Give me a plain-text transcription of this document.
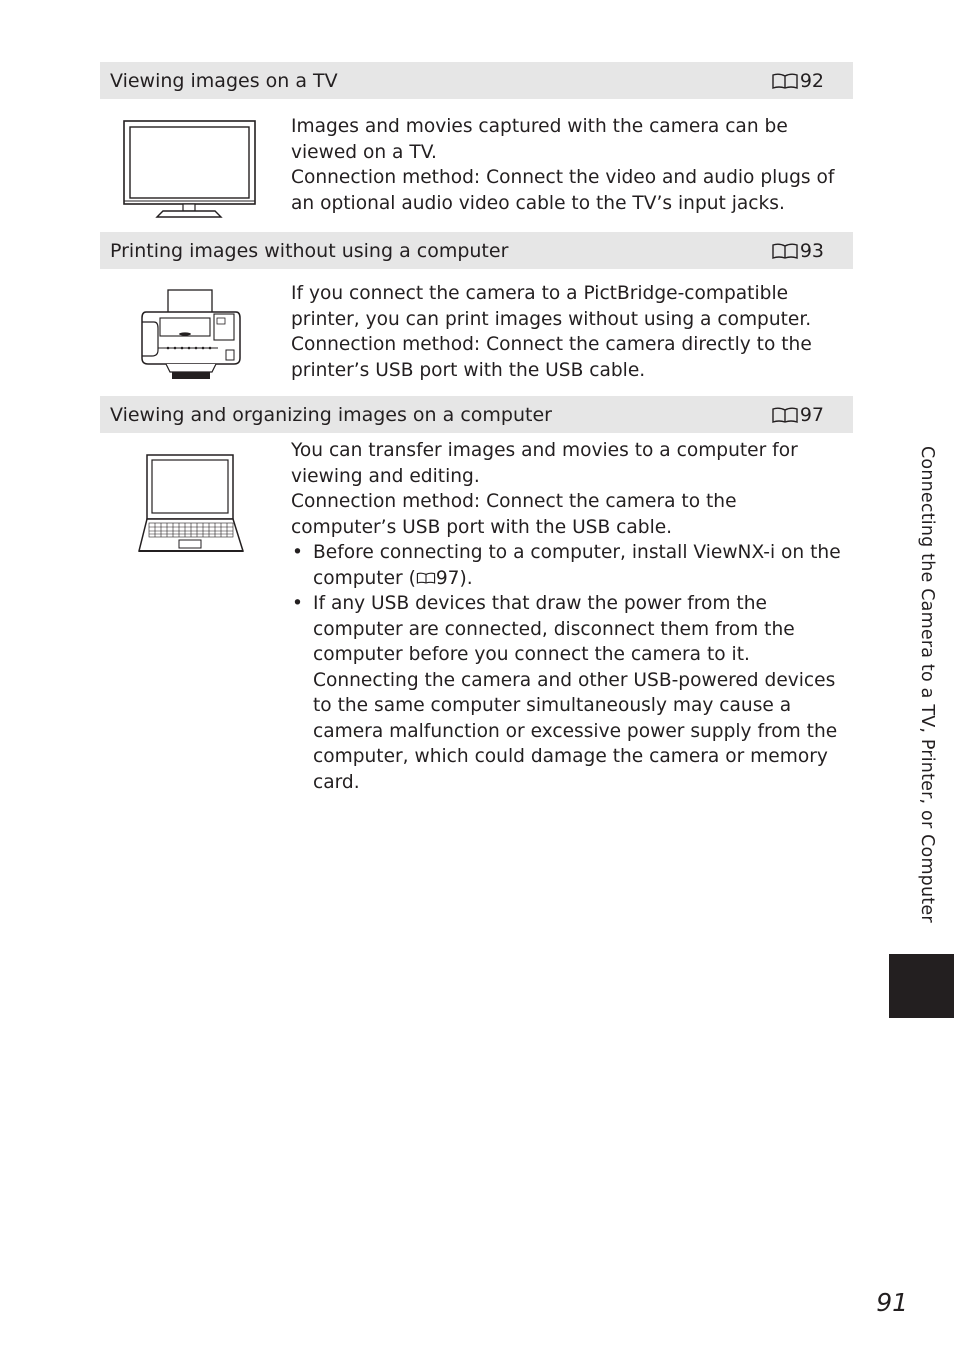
Viewing images on a TV	92

Images and movies captured with the camera can be viewed on a TV.

Connection method: Connect the video and audio plugs of an optional audio video cable to the TV’s input jacks.

Printing images without using a computer	93

If you connect the camera to a PictBridge-compatible printer, you can print images without using a computer.

Connection method: Connect the camera directly to the printer’s USB port with the USB cable.

Viewing and organizing images on a computer	97

You can transfer images and movies to a computer for viewing and editing.

Connection method: Connect the camera to the computer’s USB port with the USB cable.

• Before connecting to a computer, install ViewNX-i on the computer ( 97).
• If any USB devices that draw the power from the computer are connected, disconnect them from the computer before you connect the camera to it. Connecting the camera and other USB-powered devices to the same computer simultaneously may cause a camera malfunction or excessive power supply from the computer, which could damage the camera or memory card.	Connecting the Camera to a TV, Printer, or Computer
91
